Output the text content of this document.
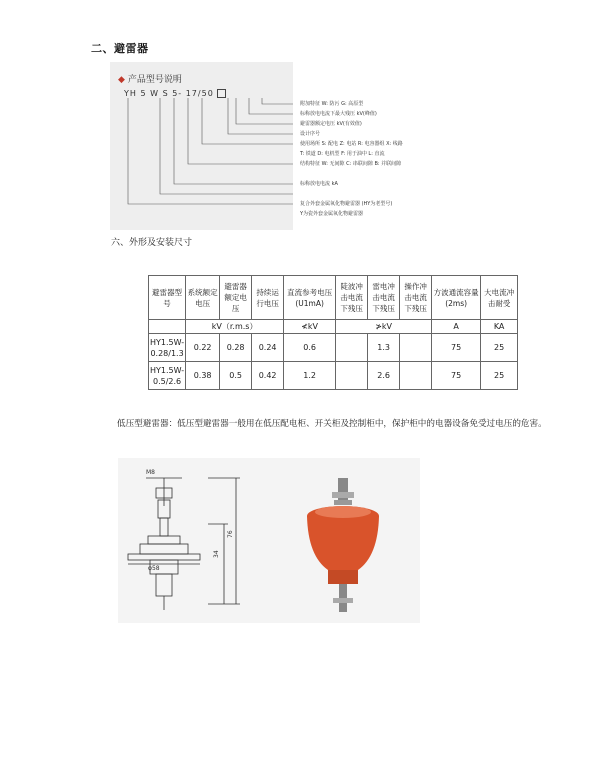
二、避雷器
◆ 产品型号说明
YH 5 W S 5- 17/50
附加特征 W: 防污 G: 高原型
标称放电电流下最大残压 kV(峰值)
避雷器额定电压 kV(有效值)
设计序号
使用场所 S: 配电 Z: 电站 R: 电容器组 X: 线路
T: 铁道 D: 电机型 F: 用于油中 L: 直流
结构特征 W: 无间隙 C: 串联间隙 B: 并联间隙
标称放电电流 kA
复合外套金属氧化物避雷器 (HY为老型号)
Y为瓷外套金属氧化物避雷器
六、外形及安装尺寸
避雷器型号	系统额定电压	避雷器额定电压	持续运行电压	直流参考电压(U1mA)	陡波冲击电流下残压	雷电冲击电流下残压	操作冲击电流下残压	方波通流容量(2ms)	大电流冲击耐受
	kV（r.m.s）			≮kV	≯kV			A	KA
HY1.5W-0.28/1.3	0.22	0.28	0.24	0.6		1.3		75	25
HY1.5W-0.5/2.6	0.38	0.5	0.42	1.2		2.6		75	25
低压型避雷器：低压型避雷器一般用在低压配电柜、开关柜及控制柜中，保护柜中的电器设备免受过电压的危害。
M8
φ58
34
76
